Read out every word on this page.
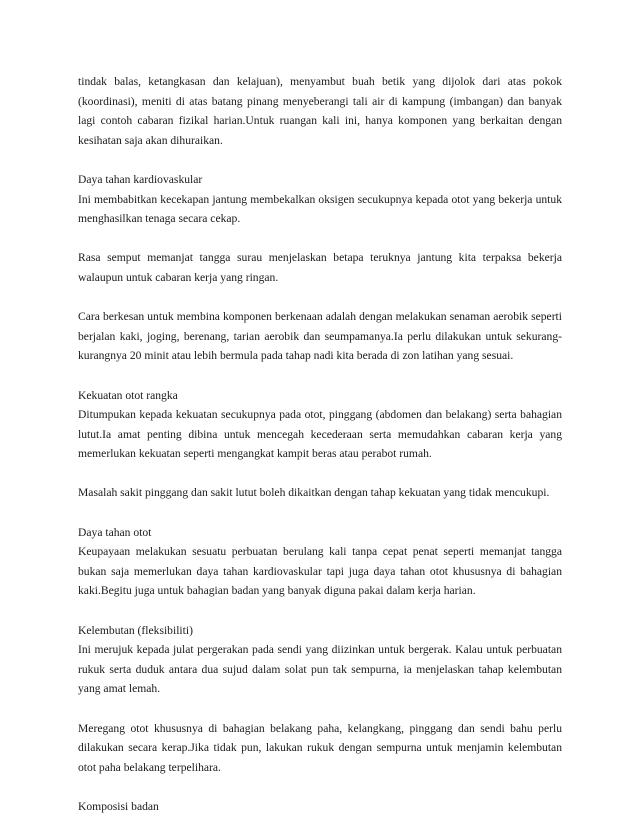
tindak balas, ketangkasan dan kelajuan), menyambut buah betik yang dijolok dari atas pokok (koordinasi), meniti di atas batang pinang menyeberangi tali air di kampung (imbangan) dan banyak lagi contoh cabaran fizikal harian.Untuk ruangan kali ini, hanya komponen yang berkaitan dengan kesihatan saja akan dihuraikan.

Daya tahan kardiovaskular
Ini membabitkan kecekapan jantung membekalkan oksigen secukupnya kepada otot yang bekerja untuk menghasilkan tenaga secara cekap.

Rasa semput memanjat tangga surau menjelaskan betapa teruknya jantung kita terpaksa bekerja walaupun untuk cabaran kerja yang ringan.

Cara berkesan untuk membina komponen berkenaan adalah dengan melakukan senaman aerobik seperti berjalan kaki, joging, berenang, tarian aerobik dan seumpamanya.Ia perlu dilakukan untuk sekurang-kurangnya 20 minit atau lebih bermula pada tahap nadi kita berada di zon latihan yang sesuai.

Kekuatan otot rangka
Ditumpukan kepada kekuatan secukupnya pada otot, pinggang (abdomen dan belakang) serta bahagian lutut.Ia amat penting dibina untuk mencegah kecederaan serta memudahkan cabaran kerja yang memerlukan kekuatan seperti mengangkat kampit beras atau perabot rumah.

Masalah sakit pinggang dan sakit lutut boleh dikaitkan dengan tahap kekuatan yang tidak mencukupi.

Daya tahan otot
Keupayaan melakukan sesuatu perbuatan berulang kali tanpa cepat penat seperti memanjat tangga bukan saja memerlukan daya tahan kardiovaskular tapi juga daya tahan otot khususnya di bahagian kaki.Begitu juga untuk bahagian badan yang banyak diguna pakai dalam kerja harian.

Kelembutan (fleksibiliti)
Ini merujuk kepada julat pergerakan pada sendi yang diizinkan untuk bergerak. Kalau untuk perbuatan rukuk serta duduk antara dua sujud dalam solat pun tak sempurna, ia menjelaskan tahap kelembutan yang amat lemah.

Meregang otot khususnya di bahagian belakang paha, kelangkang, pinggang dan sendi bahu perlu dilakukan secara kerap.Jika tidak pun, lakukan rukuk dengan sempurna untuk menjamin kelembutan otot paha belakang terpelihara.

Komposisi badan
